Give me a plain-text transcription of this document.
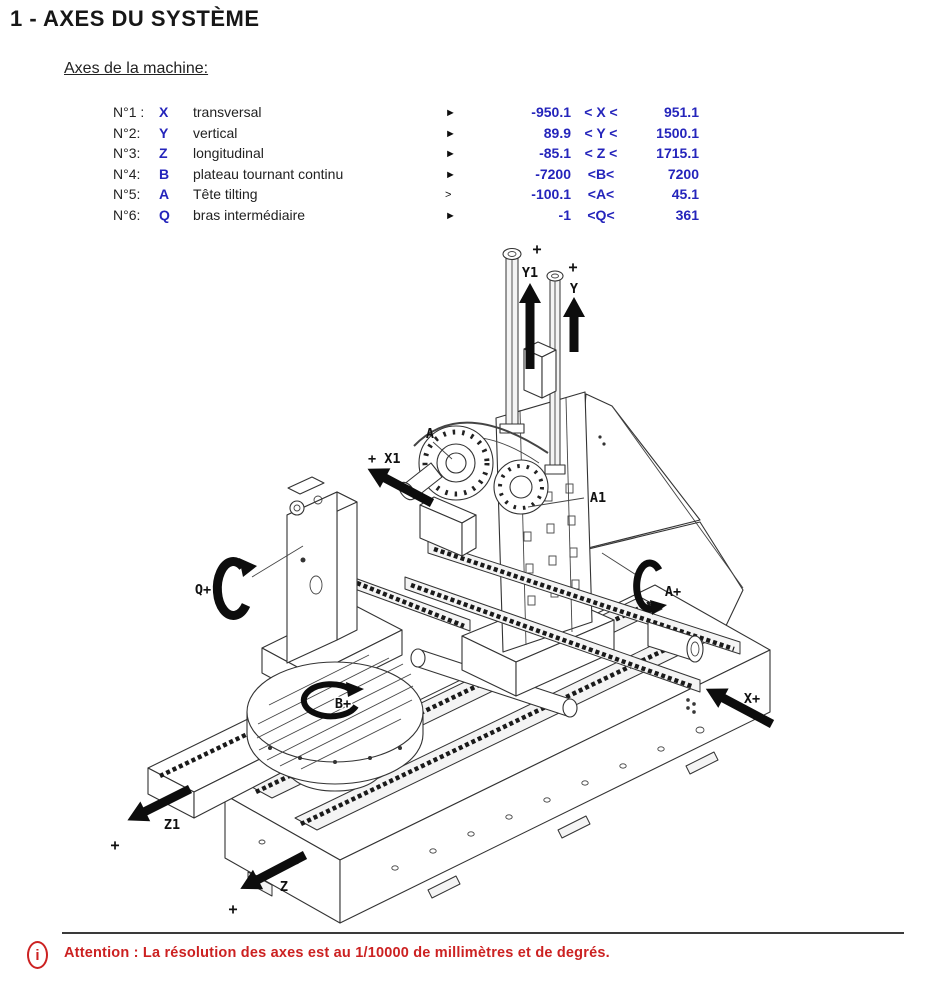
1 - AXES DU SYSTÈME
Axes de la machine:
N°1 :	X	transversal	►	-950.1 < X <	951.1
N°2:	Y	vertical	►	89.9 < Y <	1500.1
N°3:	Z	longitudinal	►	-85.1 < Z <	1715.1
N°4:	B	plateau tournant continu	►	-7200	<B<	7200
N°5:	A	Tête tilting	>	-100.1	<A<	45.1
N°6:	Q	bras intermédiaire	►	-1	<Q<	361
+
Y1 +
Y
+ X1
A
A1
Q+	A+
B+	X+
Z1
+
Z
+
i	Attention : La résolution des axes est au 1/10000 de millimètres et de degrés.
